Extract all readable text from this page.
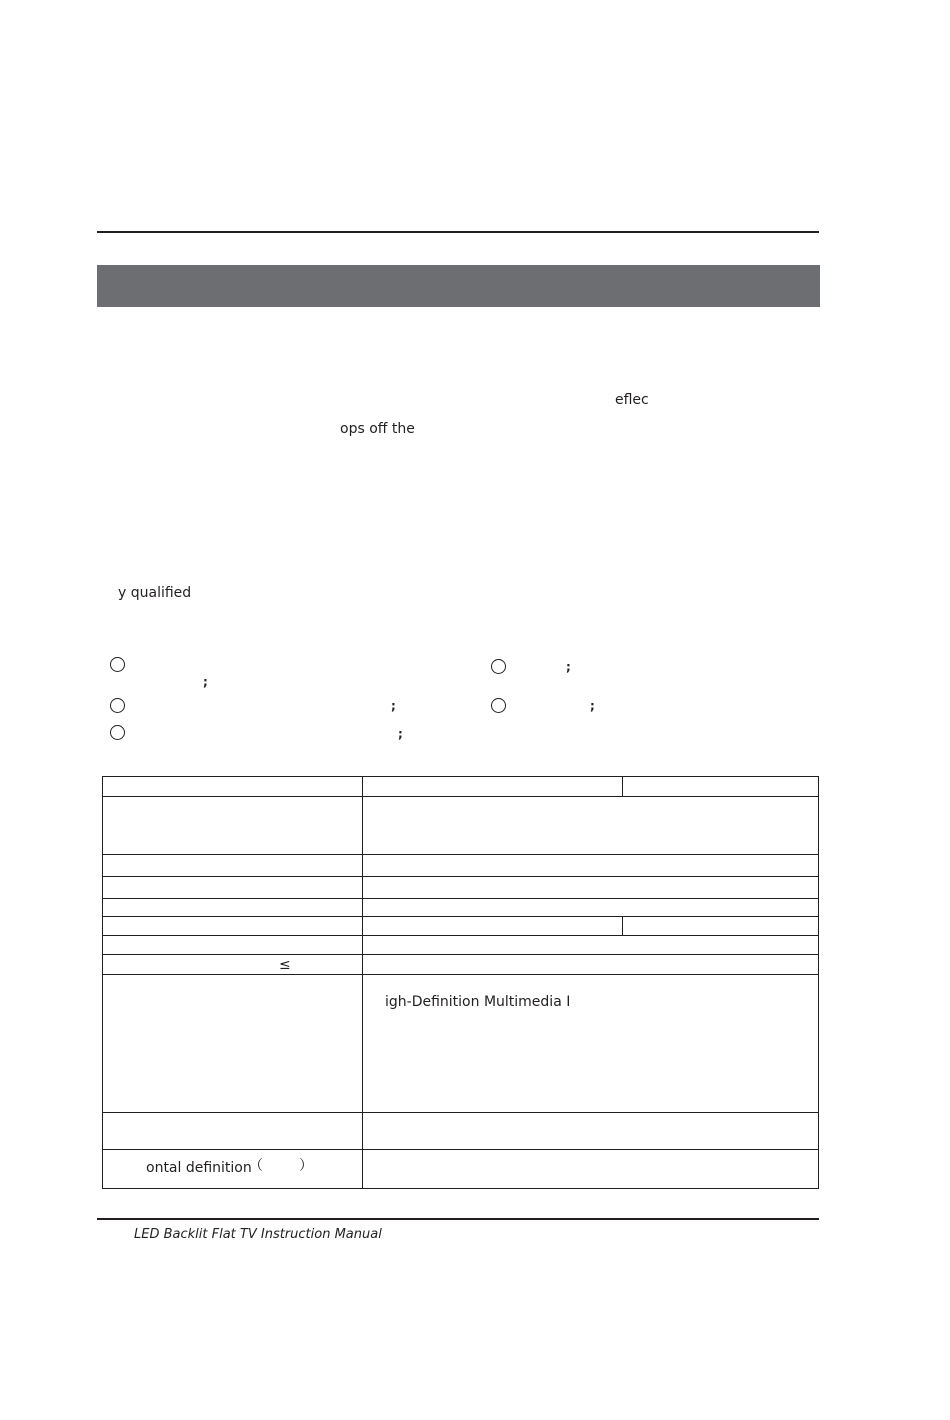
eflec
ops off the
y qualified
;
;
;	;
;
≤
igh-Definition Multimedia I
ontal definition
（	）
LED Backlit Flat TV Instruction Manual
